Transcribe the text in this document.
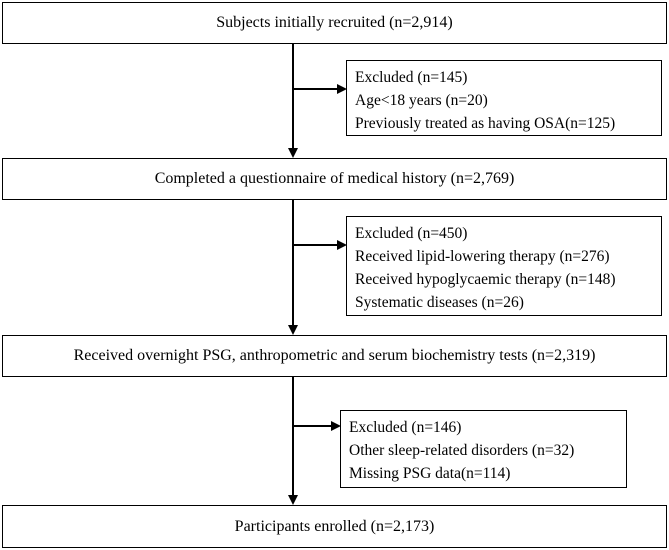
Subjects initially recruited (n=2,914)
Completed a questionnaire of medical history (n=2,769)
Received overnight PSG, anthropometric and serum biochemistry tests (n=2,319)
Participants enrolled (n=2,173)
Excluded (n=145)
Age<18 years (n=20)
Previously treated as having OSA(n=125)
Excluded (n=450)
Received lipid-lowering therapy (n=276)
Received hypoglycaemic therapy (n=148)
Systematic diseases (n=26)
Excluded (n=146)
Other sleep-related disorders (n=32)
Missing PSG data(n=114)
